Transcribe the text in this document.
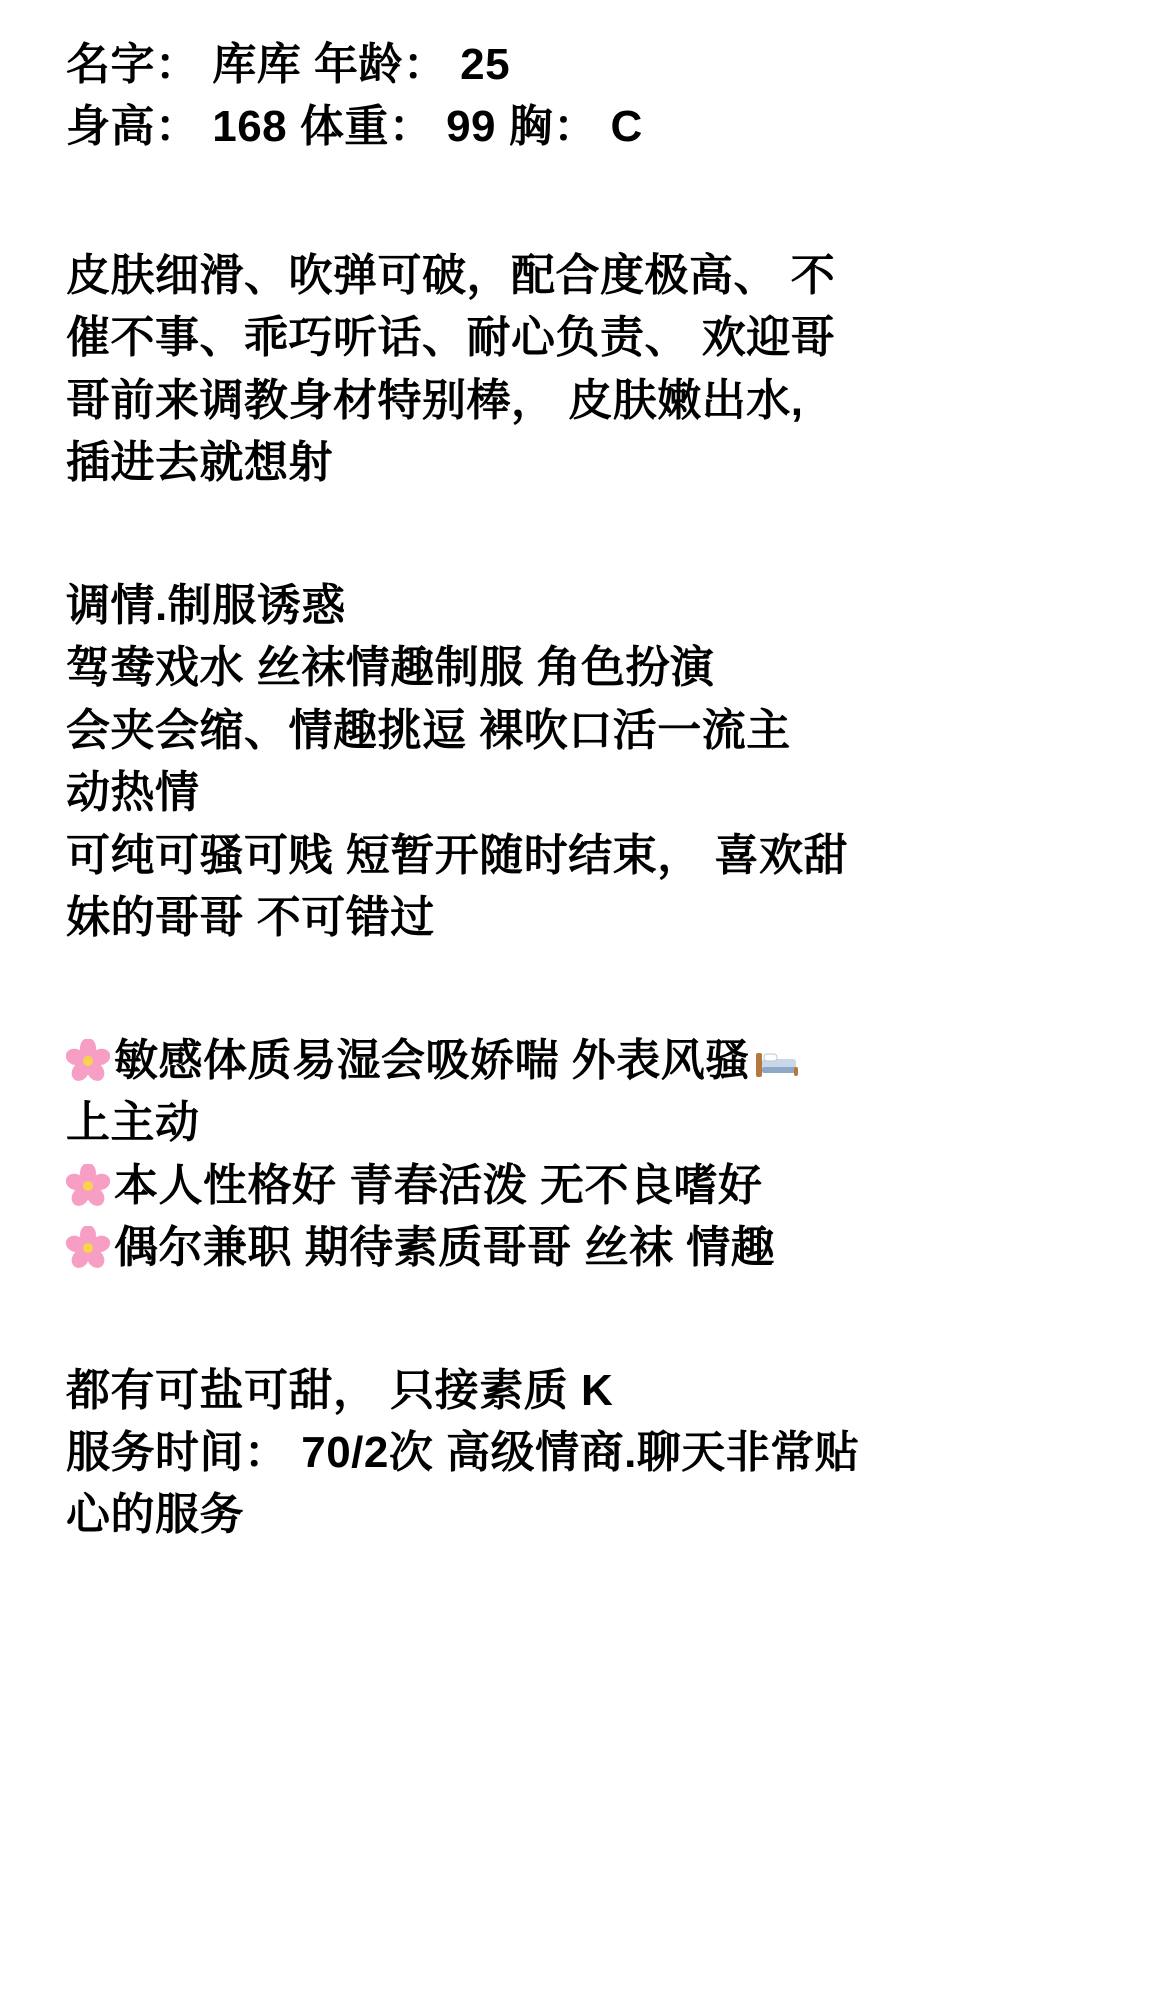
名字： 库库 年龄： 25
身高： 168 体重： 99 胸： C
皮肤细滑、吹弹可破，配合度极高、 不
催不事、乖巧听话、耐心负责、 欢迎哥
哥前来调教身材特别棒， 皮肤嫩出水,
插进去就想射
调情.制服诱惑
驾鸯戏水 丝袜情趣制服 角色扮演
会夹会缩、情趣挑逗 裸吹口活一流主
动热情
可纯可骚可贱 短暂开随时结束， 喜欢甜
妹的哥哥 不可错过
敏感体质易湿会吸娇喘 外表风骚
上主动
本人性格好 青春活泼 无不良嗜好
偶尔兼职 期待素质哥哥 丝袜 情趣
都有可盐可甜， 只接素质 K
服务时间： 70/2次 高级情商.聊天非常贴
心的服务
